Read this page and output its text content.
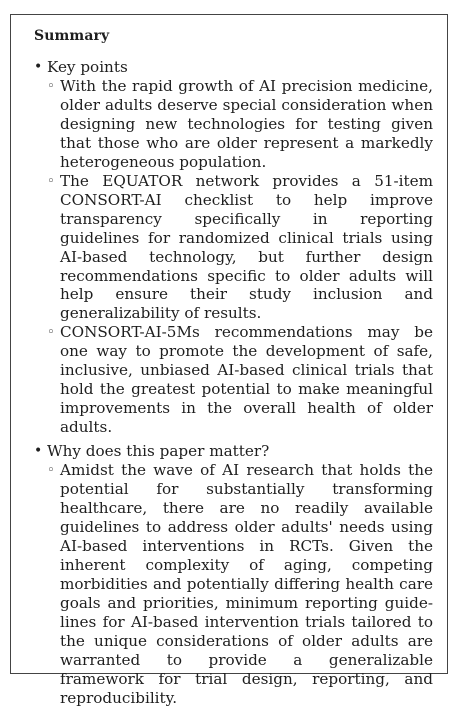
Summary
• Key points
◦ With the rapid growth of AI precision medicine, older adults deserve special consideration when designing new technologies for testing given that those who are older represent a markedly heterogeneous population.
◦ The EQUATOR network provides a 51-item CONSORT-AI checklist to help improve transparency specifically in reporting guidelines for randomized clinical trials using AI-based technology, but further design recommendations specific to older adults will help ensure their study inclusion and generalizability of results.
◦ CONSORT-AI-5Ms recommendations may be one way to promote the development of safe, inclusive, unbiased AI-based clinical trials that hold the greatest potential to make meaningful improvements in the overall health of older adults.
• Why does this paper matter?
◦ Amidst the wave of AI research that holds the potential for substantially transforming healthcare, there are no readily available guidelines to address older adults' needs using AI-based interventions in RCTs. Given the inherent complexity of aging, competing morbidities and potentially differing health care goals and priorities, minimum reporting guidelines for AI-based intervention trials tailored to the unique considerations of older adults are warranted to provide a generalizable framework for trial design, reporting, and reproducibility.
